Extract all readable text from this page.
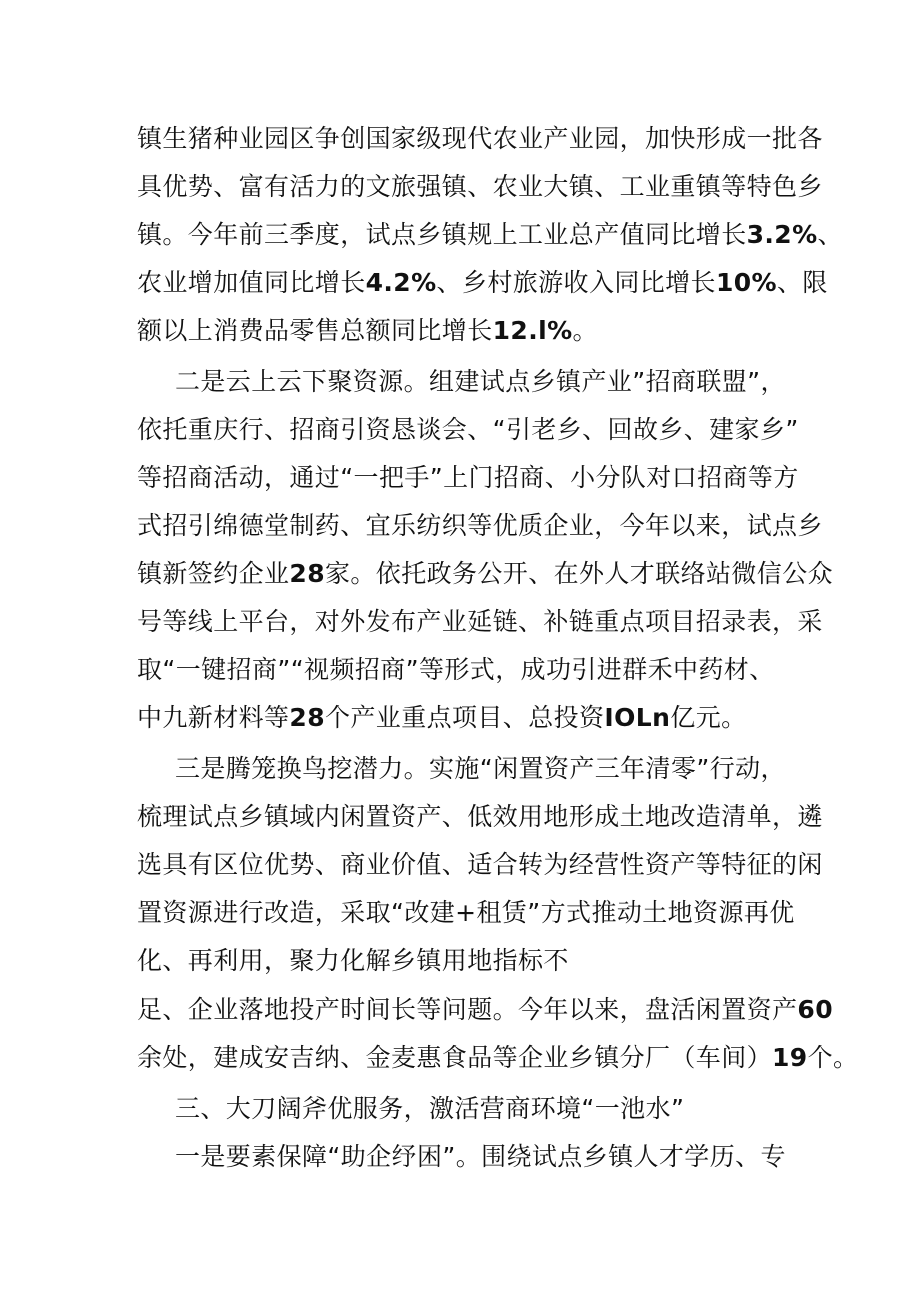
镇生猪种业园区争创国家级现代农业产业园，加快形成一批各
具优势、富有活力的文旅强镇、农业大镇、工业重镇等特色乡
镇。今年前三季度，试点乡镇规上工业总产值同比增长3.2%、
农业增加值同比增长4.2%、乡村旅游收入同比增长10%、限
额以上消费品零售总额同比增长12.l%。
二是云上云下聚资源。组建试点乡镇产业”招商联盟”，
依托重庆行、招商引资恳谈会、“引老乡、回故乡、建家乡”
等招商活动，通过“一把手”上门招商、小分队对口招商等方
式招引绵德堂制药、宜乐纺织等优质企业，今年以来，试点乡
镇新签约企业28家。依托政务公开、在外人才联络站微信公众
号等线上平台，对外发布产业延链、补链重点项目招录表，采
取“一键招商”“视频招商”等形式，成功引进群禾中药材、
中九新材料等28个产业重点项目、总投资IOLn亿元。
三是腾笼换鸟挖潜力。实施“闲置资产三年清零”行动，
梳理试点乡镇域内闲置资产、低效用地形成土地改造清单，遴
选具有区位优势、商业价值、适合转为经营性资产等特征的闲
置资源进行改造，采取“改建+租赁”方式推动土地资源再优
化、再利用，聚力化解乡镇用地指标不
足、企业落地投产时间长等问题。今年以来，盘活闲置资产60
余处，建成安吉纳、金麦惠食品等企业乡镇分厂（车间）19个。
三、大刀阔斧优服务，激活营商环境“一池水”
一是要素保障“助企纾困”。围绕试点乡镇人才学历、专
